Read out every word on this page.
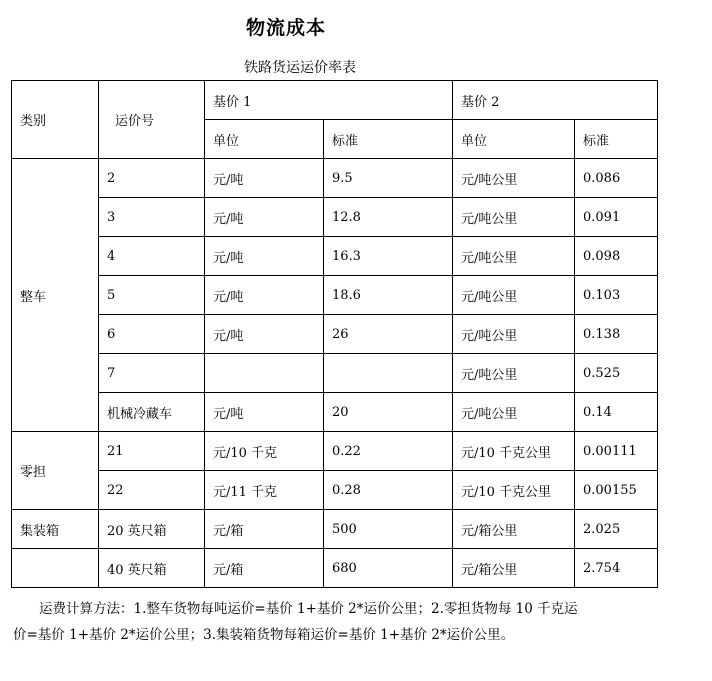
物流成本
铁路货运运价率表
类别	运价号	基价 1		基价 2	
		单位	标准	单位	标准
整车	2	元/吨	9.5	元/吨公里	0.086
	3	元/吨	12.8	元/吨公里	0.091
	4	元/吨	16.3	元/吨公里	0.098
	5	元/吨	18.6	元/吨公里	0.103
	6	元/吨	26	元/吨公里	0.138
	7			元/吨公里	0.525
	机械冷藏车	元/吨	20	元/吨公里	0.14
零担	21	元/10 千克	0.22	元/10 千克公里	0.00111
	22	元/11 千克	0.28	元/10 千克公里	0.00155
集装箱	20 英尺箱	元/箱	500	元/箱公里	2.025
	40 英尺箱	元/箱	680	元/箱公里	2.754
运费计算方法：1.整车货物每吨运价=基价 1+基价 2*运价公里；2.零担货物每 10 千克运价=基价 1+基价 2*运价公里；3.集装箱货物每箱运价=基价 1+基价 2*运价公里。
